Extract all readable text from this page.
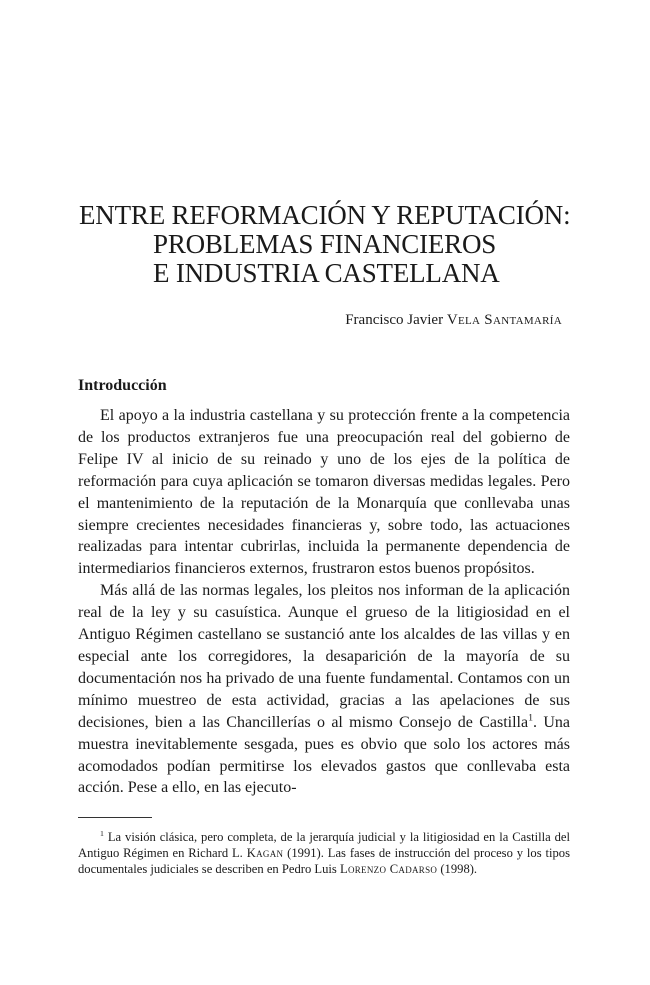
ENTRE REFORMACIÓN Y REPUTACIÓN:
PROBLEMAS FINANCIEROS
E INDUSTRIA CASTELLANA
Francisco Javier Vela Santamaría
Introducción

El apoyo a la industria castellana y su protección frente a la competencia de los productos extranjeros fue una preocupación real del gobierno de Felipe IV al inicio de su reinado y uno de los ejes de la política de reformación para cuya aplicación se tomaron diversas medidas legales. Pero el mantenimiento de la reputación de la Monarquía que conllevaba unas siempre crecientes necesidades financieras y, sobre todo, las actuaciones realizadas para intentar cubrirlas, incluida la permanente dependencia de intermediarios financieros externos, frustraron estos buenos propósitos.

Más allá de las normas legales, los pleitos nos informan de la aplicación real de la ley y su casuística. Aunque el grueso de la litigiosidad en el Antiguo Régimen castellano se sustanció ante los alcaldes de las villas y en especial ante los corregidores, la desaparición de la mayoría de su documentación nos ha privado de una fuente fundamental. Contamos con un mínimo muestreo de esta actividad, gracias a las apelaciones de sus decisiones, bien a las Chancillerías o al mismo Consejo de Castilla$^1$. Una muestra inevitablemente sesgada, pues es obvio que solo los actores más acomodados podían permitirse los elevados gastos que conllevaba esta acción. Pese a ello, en las ejecuto-

$^1$ La visión clásica, pero completa, de la jerarquía judicial y la litigiosidad en la Castilla del Antiguo Régimen en Richard L. Kagan (1991). Las fases de instrucción del proceso y los tipos documentales judiciales se describen en Pedro Luis Lorenzo Cadarso (1998).
